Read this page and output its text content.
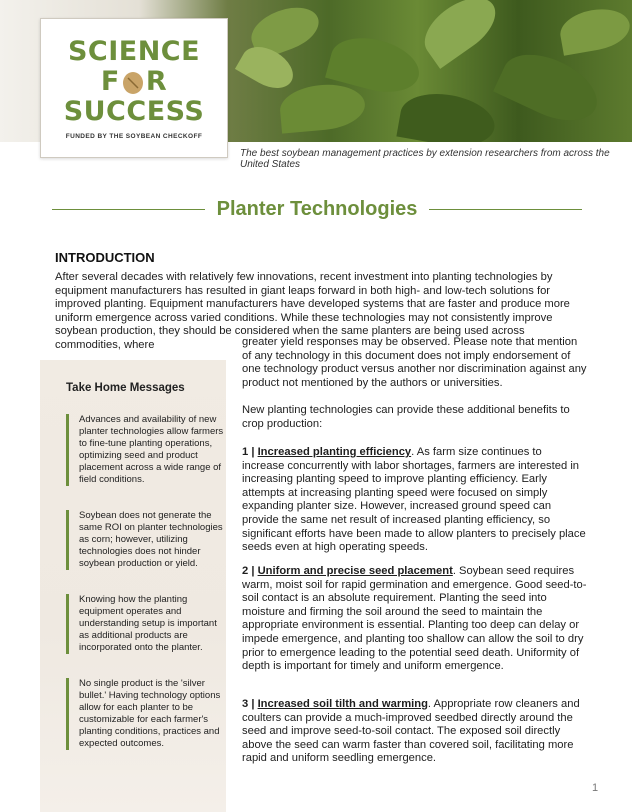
SCIENCE
F R
SUCCESS
FUNDED BY THE SOYBEAN CHECKOFF
The best soybean management practices by extension researchers from across the United States
Planter Technologies
INTRODUCTION

After several decades with relatively few innovations, recent investment into planting technologies by equipment manufacturers has resulted in giant leaps forward in both high- and low-tech solutions for improved planting. Equipment manufacturers have developed systems that are faster and produce more uniform emergence across varied conditions. While these technologies may not consistently improve soybean production, they should be considered when the same planters are being used across commodities, where

Take Home Messages
Advances and availability of new planter technologies allow farmers to fine-tune planting operations, optimizing seed and product placement across a wide range of field conditions.
Soybean does not generate the same ROI on planter technologies as corn; however, utilizing technologies does not hinder soybean production or yield.
Knowing how the planting equipment operates and understanding setup is important as additional products are incorporated onto the planter.
No single product is the 'silver bullet.' Having technology options allow for each planter to be customizable for each farmer's planting conditions, practices and expected outcomes.

greater yield responses may be observed. Please note that mention of any technology in this document does not imply endorsement of one technology product versus another nor discrimination against any product not mentioned by the authors or universities.

New planting technologies can provide these additional benefits to crop production:

1 | Increased planting efficiency. As farm size continues to increase concurrently with labor shortages, farmers are interested in increasing planting speed to improve planting efficiency. Early attempts at increasing planting speed were focused on simply expanding planter size. However, increased ground speed can provide the same net result of increased planting efficiency, so significant efforts have been made to allow planters to precisely place seeds even at high operating speeds.

2 | Uniform and precise seed placement. Soybean seed requires warm, moist soil for rapid germination and emergence. Good seed-to-soil contact is an absolute requirement. Planting the seed into moisture and firming the soil around the seed to maintain the appropriate environment is essential. Planting too deep can delay or impede emergence, and planting too shallow can allow the soil to dry prior to emergence leading to the potential seed death. Uniformity of depth is important for timely and uniform emergence.

3 | Increased soil tilth and warming. Appropriate row cleaners and coulters can provide a much-improved seedbed directly around the seed and improve seed-to-soil contact. The exposed soil directly above the seed can warm faster than covered soil, facilitating more rapid and uniform seedling emergence.

1
